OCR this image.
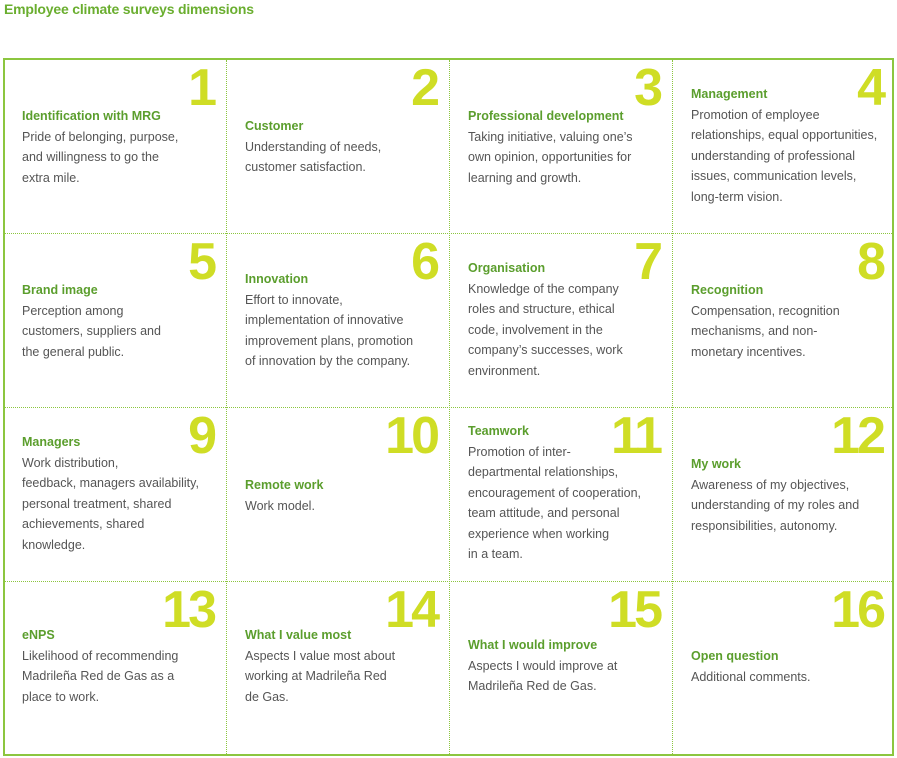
Employee climate surveys dimensions
1
Identification with MRG
Pride of belonging, purpose,
and willingness to go the
extra mile.
2
Customer
Understanding of needs,
customer satisfaction.
3
Professional development
Taking initiative, valuing one’s
own opinion, opportunities for
learning and growth.
4
Management
Promotion of employee
relationships, equal opportunities,
understanding of professional
issues, communication levels,
long-term vision.
5
Brand image
Perception among
customers, suppliers and
the general public.
6
Innovation
Effort to innovate,
implementation of innovative
improvement plans, promotion
of innovation by the company.
7
Organisation
Knowledge of the company
roles and structure, ethical
code, involvement in the
company’s successes, work
environment.
8
Recognition
Compensation, recognition
mechanisms, and non-
monetary incentives.
9
Managers
Work distribution,
feedback, managers availability,
personal treatment, shared
achievements, shared
knowledge.
10
Remote work
Work model.
11
Teamwork
Promotion of inter-
departmental relationships,
encouragement of cooperation,
team attitude, and personal
experience when working
in a team.
12
My work
Awareness of my objectives,
understanding of my roles and
responsibilities, autonomy.
13
eNPS
Likelihood of recommending
Madrileña Red de Gas as a
place to work.
14
What I value most
Aspects I value most about
working at Madrileña Red
de Gas.
15
What I would improve
Aspects I would improve at
Madrileña Red de Gas.
16
Open question
Additional comments.
